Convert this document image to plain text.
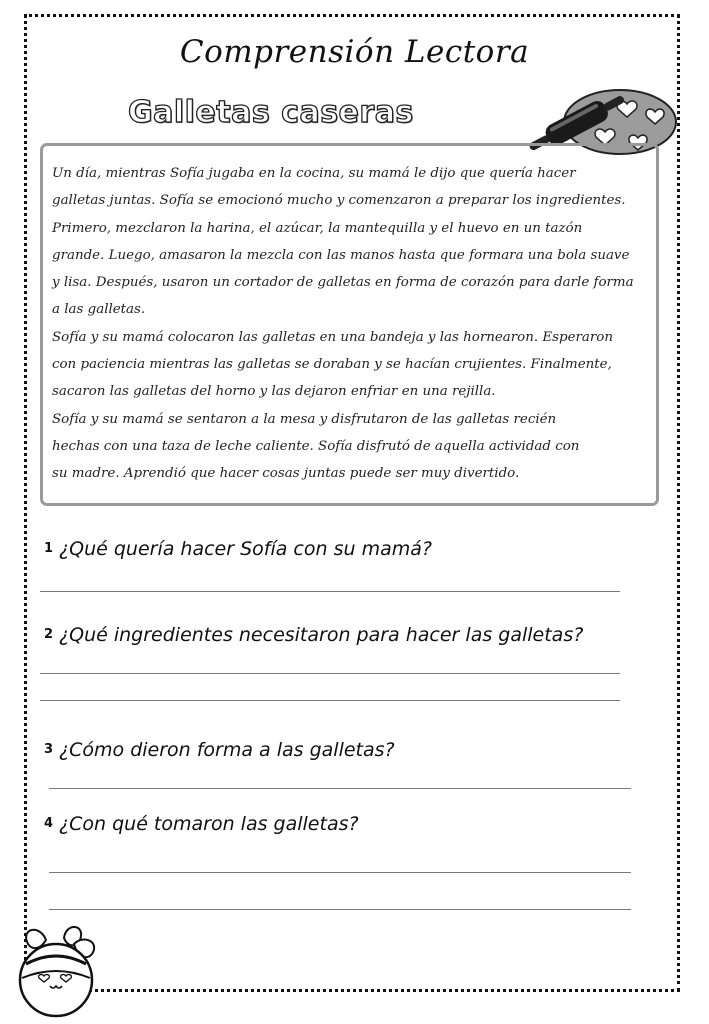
Comprensión Lectora
Galletas caseras
Un día, mientras Sofía jugaba en la cocina, su mamá le dijo que quería hacer
galletas juntas. Sofía se emocionó mucho y comenzaron a preparar los ingredientes.
Primero, mezclaron la harina, el azúcar, la mantequilla y el huevo en un tazón
grande. Luego, amasaron la mezcla con las manos hasta que formara una bola suave
y lisa. Después, usaron un cortador de galletas en forma de corazón para darle forma
a las galletas.
Sofía y su mamá colocaron las galletas en una bandeja y las hornearon. Esperaron
con paciencia mientras las galletas se doraban y se hacían crujientes. Finalmente,
sacaron las galletas del horno y las dejaron enfriar en una rejilla.
Sofía y su mamá se sentaron a la mesa y disfrutaron de las galletas recién
hechas con una taza de leche caliente. Sofía disfrutó de aquella actividad con
su madre. Aprendió que hacer cosas juntas puede ser muy divertido.
1 ¿Qué quería hacer Sofía con su mamá?
2 ¿Qué ingredientes necesitaron para hacer las galletas?
3 ¿Cómo dieron forma a las galletas?
4 ¿Con qué tomaron las galletas?
